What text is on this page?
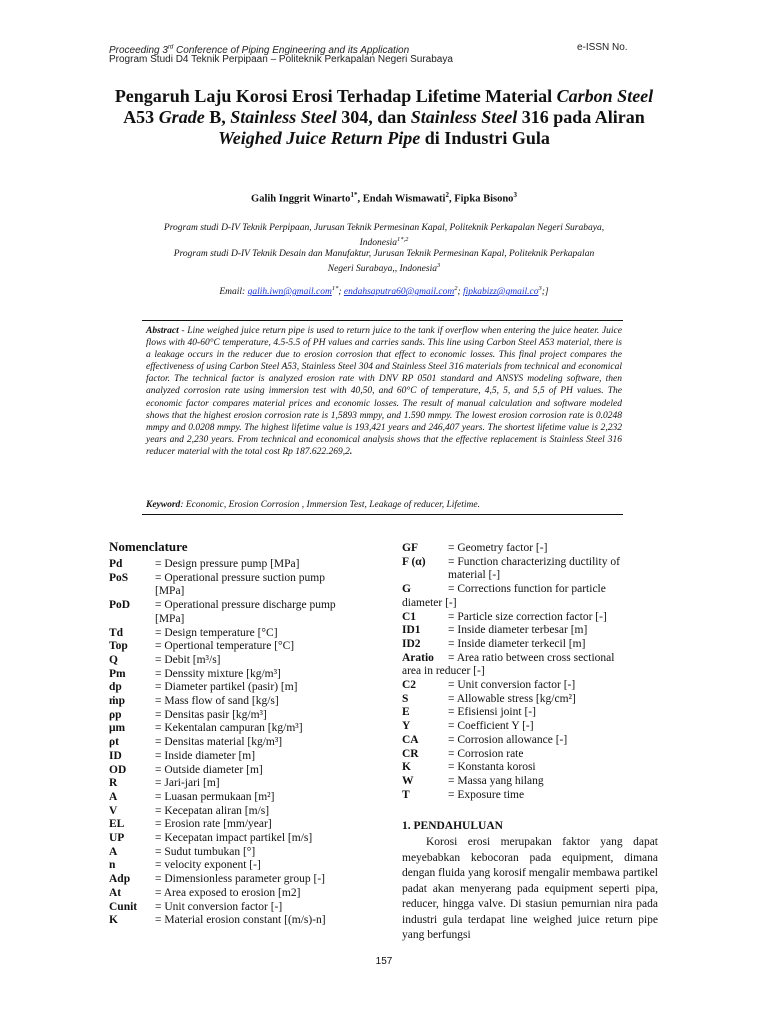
Proceeding 3rd Conference of Piping Engineering and its Application	e-ISSN No.
Program Studi D4 Teknik Perpipaan – Politeknik Perkapalan Negeri Surabaya
Pengaruh Laju Korosi Erosi Terhadap Lifetime Material Carbon Steel
A53 Grade B, Stainless Steel 304, dan Stainless Steel 316 pada Aliran
Weighed Juice Return Pipe di Industri Gula
Galih Inggrit Winarto$^{1*}$, Endah Wismawati$^2$, Fipka Bisono$^3$
Program studi D-IV Teknik Perpipaan, Jurusan Teknik Permesinan Kapal, Politeknik Perkapalan Negeri Surabaya,
Indonesia$^{1*,2}$
Program studi D-IV Teknik Desain dan Manufaktur, Jurusan Teknik Permesinan Kapal, Politeknik Perkapalan
Negeri Surabaya,, Indonesia$^3$
Email: galih.iwn@gmail.com$^{1*}$; endahsaputra60@gmail.com$^2$; $fipkabizz@gmail.co^3$;]
Abstract - Line weighed juice return pipe is used to return juice to the tank if overflow when entering the juice heater. Juice flows with 40-60°C temperature, 4.5-5.5 of PH values and carries sands. This line using Carbon Steel A53 material, there is a leakage occurs in the reducer due to erosion corrosion that effect to economic losses. This final project compares the effectiveness of using Carbon Steel A53, Stainless Steel 304 and Stainless Steel 316 materials from technical and economical factor. The technical factor is analyzed erosion rate with DNV RP 0501 standard and ANSYS modeling software, then analyzed corrosion rate using immersion test with 40,50, and 60°C of temperature, 4,5, 5, and 5,5 of PH values. The economic factor compares material prices and economic losses. The result of manual calculation and software modeled shows that the highest erosion corrosion rate is 1,5893 mmpy, and 1.590 mmpy. The lowest erosion corrosion rate is 0.0248 mmpy and 0.0208 mmpy. The highest lifetime value is 193,421 years and 246,407 years. The shortest lifetime value is 2,232 years and 2,230 years. From technical and economical analysis shows that the effective replacement is Stainless Steel 316 reducer material with the total cost Rp 187.622.269,2.
Keyword: Economic, Erosion Corrosion , Immersion Test, Leakage of reducer, Lifetime.
Nomenclature
Pd	= Design pressure pump [MPa]
PoS = Operational pressure suction pump
[MPa]
PoD = Operational pressure discharge pump
[MPa]
Td	= Design temperature [°C]
Top = Opertional temperature [°C]
Q	= Debit [m³/s]
Pm	= Denssity mixture [kg/m³]
dp	= Diameter partikel (pasir) [m]
ṁp	= Mass flow of sand [kg/s]
ρp	= Densitas pasir [kg/m³]
μm	= Kekentalan campuran [kg/m³]
ρt	= Densitas material [kg/m³]
ID	= Inside diameter [m]
OD	= Outside diameter [m]
R	= Jari-jari [m]
A	= Luasan permukaan [m²]
V	= Kecepatan aliran [m/s]
EL	= Erosion rate [mm/year]
UP	= Kecepatan impact partikel [m/s]
A	= Sudut tumbukan [°]
n	= velocity exponent [-]
Adp = Dimensionless parameter group [-]
At	= Area exposed to erosion [m2]
Cunit = Unit conversion factor [-]
K	= Material erosion constant [(m/s)-n]
GF	= Geometry factor [-]
F (α) = Function characterizing ductility of
material [-]
G	= Corrections function for particle
diameter [-]
C1	= Particle size correction factor [-]
ID1 = Inside diameter terbesar [m]
ID2 = Inside diameter terkecil [m]
Aratio = Area ratio between cross sectional
area in reducer [-]
C2	= Unit conversion factor [-]
S	= Allowable stress [kg/cm²]
E	= Efisiensi joint [-]
Y	= Coefficient Y [-]
CA	= Corrosion allowance [-]
CR	= Corrosion rate
K	= Konstanta korosi
W	= Massa yang hilang
T	= Exposure time
1. PENDAHULUAN
Korosi erosi merupakan faktor yang dapat meyebabkan kebocoran pada equipment, dimana dengan fluida yang korosif mengalir membawa partikel padat akan menyerang pada equipment seperti pipa, reducer, hingga valve. Di stasiun pemurnian nira pada industri gula terdapat line weighed juice return pipe yang berfungsi
157
